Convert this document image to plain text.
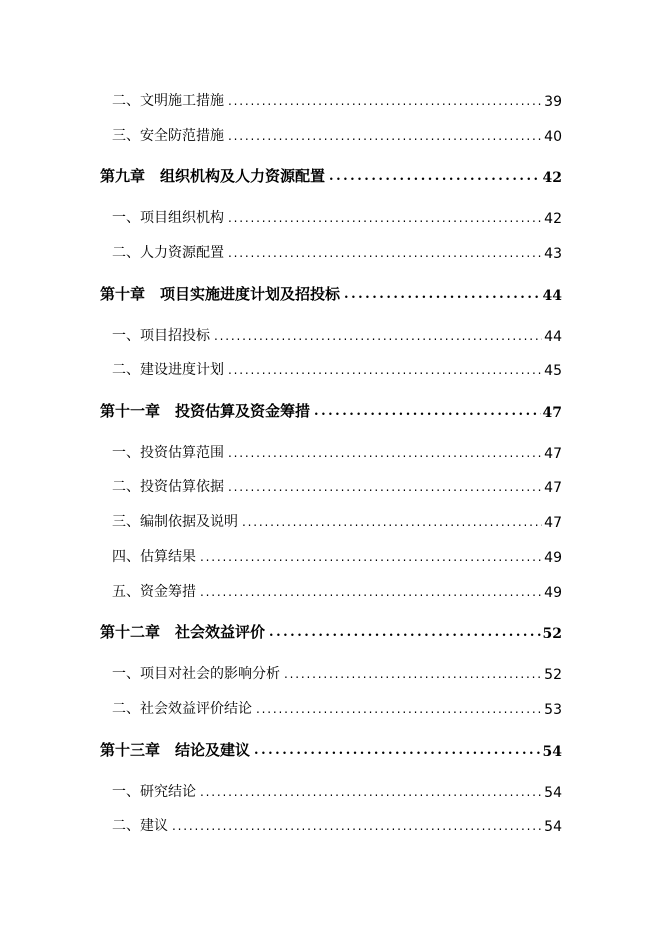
二、文明施工措施 . . .	39
三、安全防范措施 . . .	40
第九章　组织机构及人力资源配置 . . .	42
一、项目组织机构 . . .	42
二、人力资源配置 . . .	43
第十章　项目实施进度计划及招投标 . . .	44
一、项目招投标 . . .	44
二、建设进度计划 . . .	45
第十一章　投资估算及资金筹措 . . .	47
一、投资估算范围 . . .	47
二、投资估算依据 . . .	47
三、编制依据及说明 . . .	47
四、估算结果 . . .	49
五、资金筹措 . . .	49
第十二章　社会效益评价 . . .	52
一、项目对社会的影响分析 . . .	52
二、社会效益评价结论 . . .	53
第十三章　结论及建议 . . .	54
一、研究结论 . . .	54
二、建议 . . .	54
